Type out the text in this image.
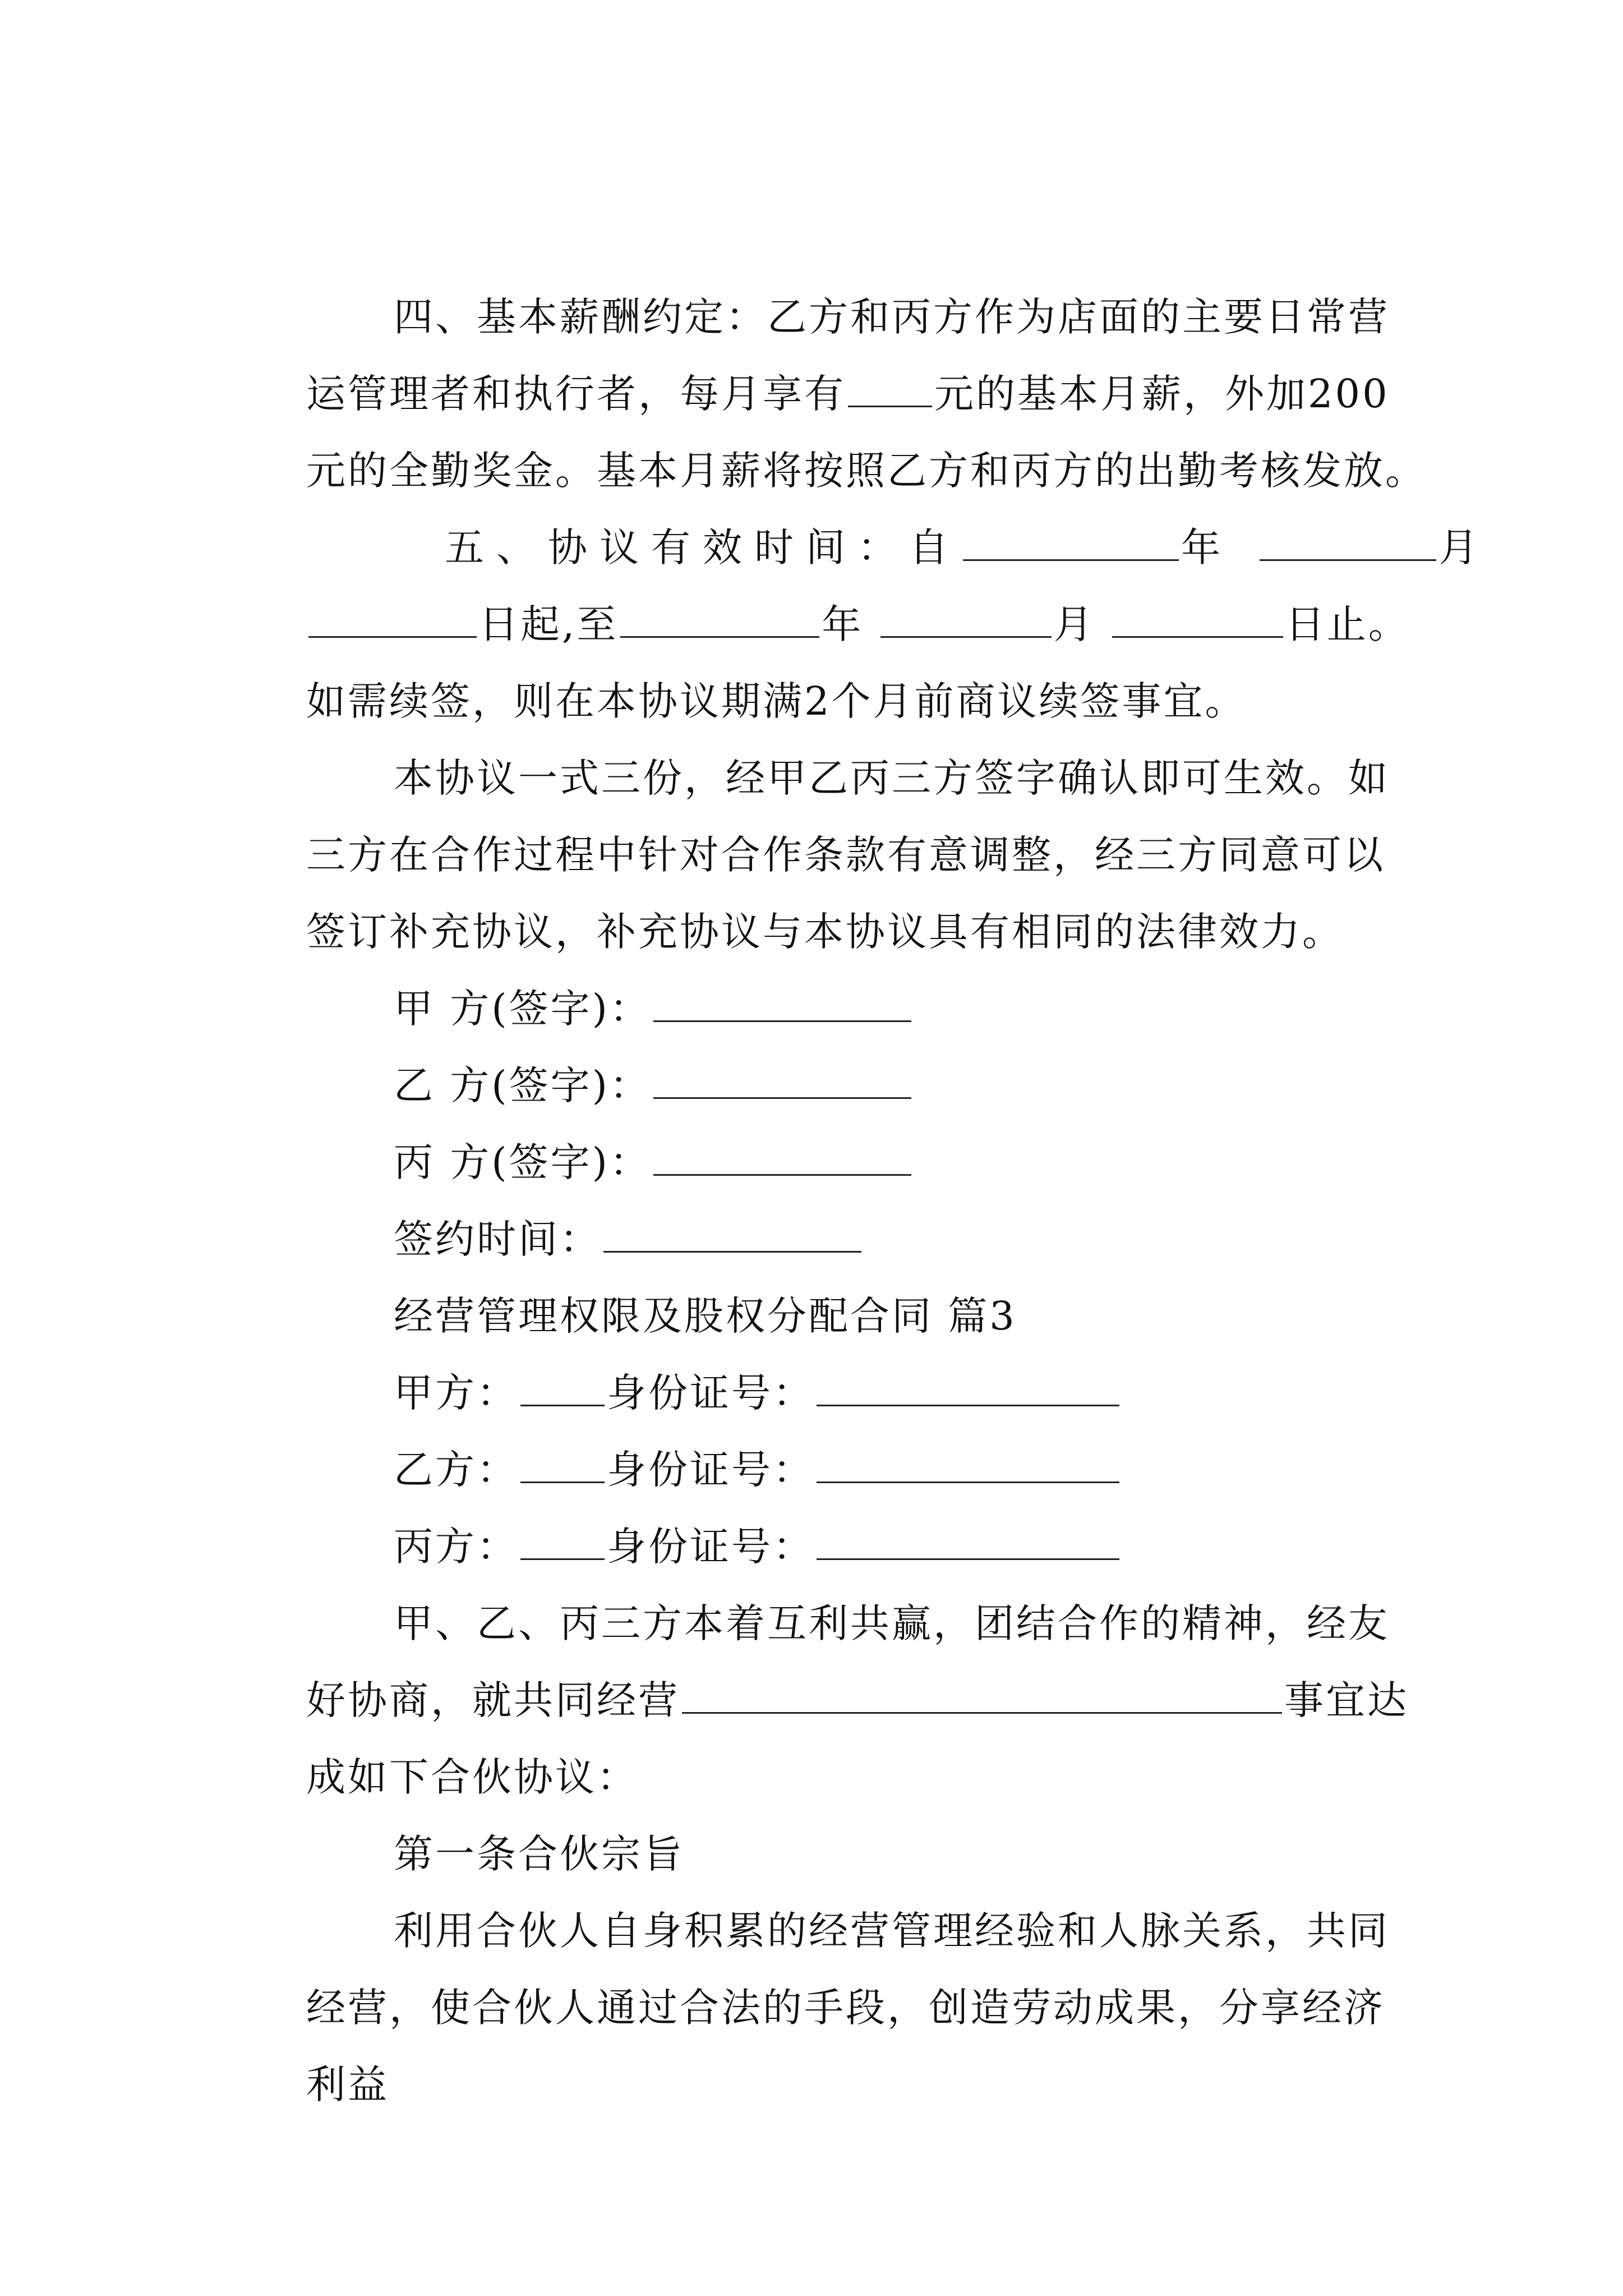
四、基本薪酬约定：乙方和丙方作为店面的主要日常营

运管理者和执行者，每月享有 元的基本月薪，外加200

元的全勤奖金。基本月薪将按照乙方和丙方的出勤考核发放。

五、协议有效时间：自	年	月

日起,至	年	月	日止。

如需续签，则在本协议期满2个月前商议续签事宜。

本协议一式三份，经甲乙丙三方签字确认即可生效。如

三方在合作过程中针对合作条款有意调整，经三方同意可以

签订补充协议，补充协议与本协议具有相同的法律效力。

甲 方(签字)：

乙 方(签字)：

丙 方(签字)：

签约时间：

经营管理权限及股权分配合同 篇3

甲方： 身份证号：

乙方： 身份证号：

丙方： 身份证号：

甲、乙、丙三方本着互利共赢，团结合作的精神，经友

好协商，就共同经营	事宜达

成如下合伙协议：

第一条合伙宗旨

利用合伙人自身积累的经营管理经验和人脉关系，共同

经营，使合伙人通过合法的手段，创造劳动成果，分享经济

利益
